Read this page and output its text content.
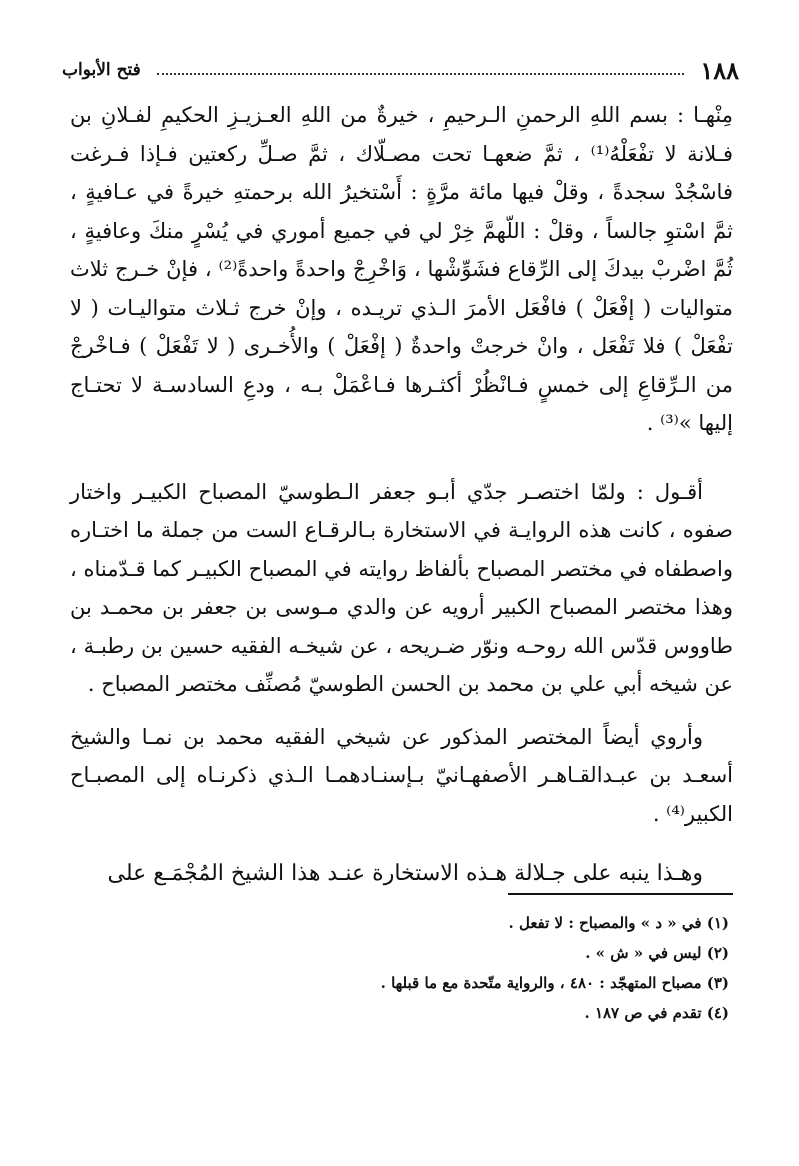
١٨٨
فتح الأبواب

مِنْهـا : بسم اللهِ الرحمنِ الـرحيمِ ، خيرةٌ من اللهِ العـزيـزِ الحكيمِ لفـلانِ بن فـلانة لا تفْعَلْهُ⁽¹⁾ ، ثمَّ ضعهـا تحت مصـلّاك ، ثمَّ صـلِّ ركعتين فـإذا فـرغت فاسْجُدْ سجدةً ، وقلْ فيها مائة مرَّةٍ : أَسْتخيرُ الله برحمتهِ خيرةً في عـافيةٍ ، ثمَّ اسْتوِ جالساً ، وقلْ : اللّهمَّ خِرْ لي في جميع أموري في يُسْرٍ منكَ وعافيةٍ ، ثُمَّ اضْربْ بيدكَ إلى الرِّقاع فشَوِّشْها ، وَاخْرِجْ واحدةً واحدةً⁽²⁾ ، فإنْ خـرج ثلاث متواليات ( إفْعَلْ ) فافْعَل الأمرَ الـذي تريـده ، وإنْ خرج ثـلاث متواليـات ( لا تفْعَلْ ) فلا تَفْعَل ، وانْ خرجتْ واحدةٌ ( إفْعَلْ ) والأُخـرى ( لا تَفْعَلْ ) فـاخْرجْ من الـرِّقاعِ إلى خمسٍ فـانْظُرْ أكثـرها فـاعْمَلْ بـه ، ودعِ السادسـة لا تحتـاج إليها »⁽³⁾ .

أقـول : ولمّا اختصـر جدّي أبـو جعفر الـطوسيّ المصباح الكبيـر واختار صفوه ، كانت هذه الروايـة في الاستخارة بـالرقـاع الست من جملة ما اختـاره واصطفاه في مختصر المصباح بألفاظ روايته في المصباح الكبيـر كما قـدّمناه ، وهذا مختصر المصباح الكبير أرويه عن والدي مـوسى بن جعفر بن محمـد بن طاووس قدّس الله روحـه ونوّر ضـريحه ، عن شيخـه الفقيه حسين بن رطبـة ، عن شيخه أبي علي بن محمد بن الحسن الطوسيّ مُصنِّف مختصر المصباح .

وأروي أيضاً المختصر المذكور عن شيخي الفقيه محمد بن نمـا والشيخ أسعـد بن عبـدالقـاهـر الأصفهـانيّ بـإسنـادهمـا الـذي ذكرنـاه إلى المصبـاح الكبير⁽⁴⁾ .

وهـذا ينبه على جـلالة هـذه الاستخارة عنـد هذا الشيخ المُجْمَـع على

(١) في « د » والمصباح : لا تفعل .

(٢) ليس في « ش » .

(٣) مصباح المتهجّد : ٤٨٠ ، والرواية متّحدة مع ما قبلها .

(٤) تقدم في ص ١٨٧ .
